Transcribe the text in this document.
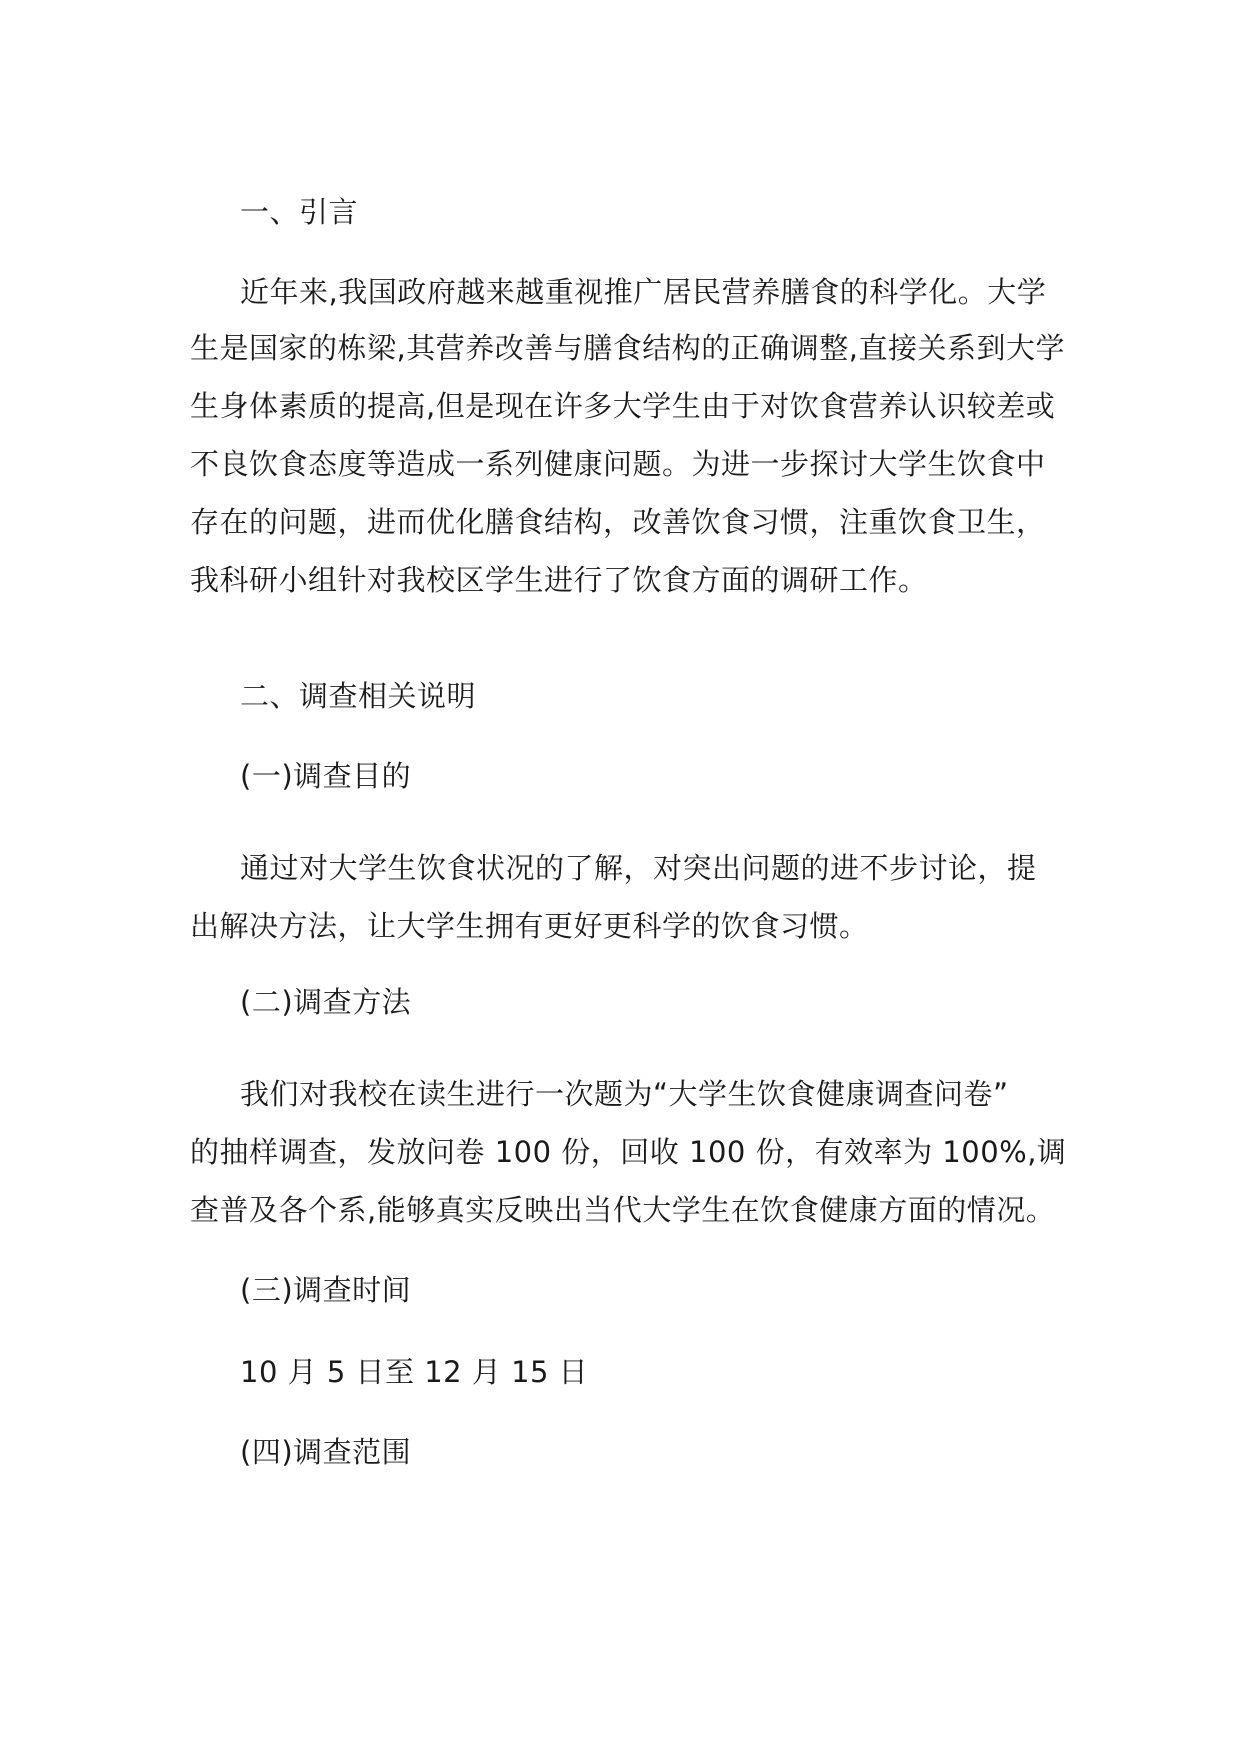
一、引言
近年来,我国政府越来越重视推广居民营养膳食的科学化。大学
生是国家的栋梁,其营养改善与膳食结构的正确调整,直接关系到大学
生身体素质的提高,但是现在许多大学生由于对饮食营养认识较差或
不良饮食态度等造成一系列健康问题。为进一步探讨大学生饮食中
存在的问题，进而优化膳食结构，改善饮食习惯，注重饮食卫生，
我科研小组针对我校区学生进行了饮食方面的调研工作。
二、调查相关说明
(一)调查目的
通过对大学生饮食状况的了解，对突出问题的进不步讨论，提
出解决方法，让大学生拥有更好更科学的饮食习惯。
(二)调查方法
我们对我校在读生进行一次题为“大学生饮食健康调查问卷”
的抽样调查，发放问卷 100 份，回收 100 份，有效率为 100%,调
查普及各个系,能够真实反映出当代大学生在饮食健康方面的情况。
(三)调查时间
10 月 5 日至 12 月 15 日
(四)调查范围
